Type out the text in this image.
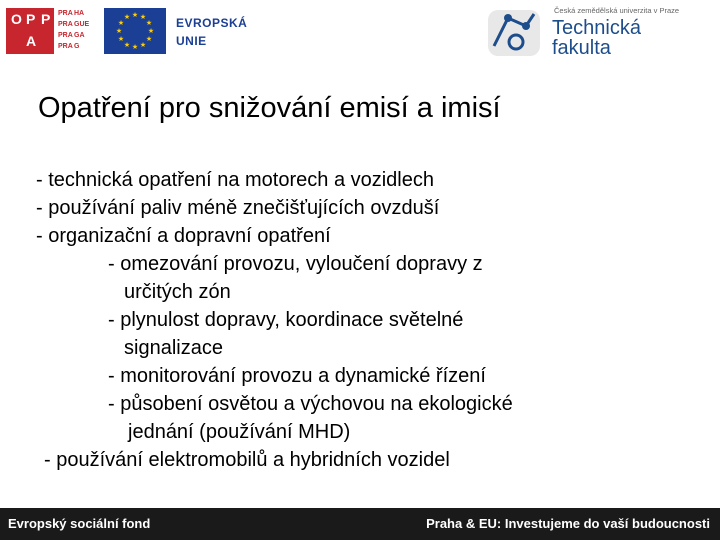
O P P
A
PRA HA
PRA GUE
PRA GA
PRA G
★ ★
★
★
★
★
★
★
★
★
★
★	EVROPSKÁ
UNIE
Česká zemědělská univerzita v Praze
Technická
fakulta
Opatření pro snižování emisí a imisí
- technická opatření na motorech a vozidlech
- používání paliv méně znečišťujících ovzduší
- organizační a dopravní opatření
- omezování provozu, vyloučení dopravy z
určitých zón
- plynulost dopravy, koordinace světelné
signalizace
- monitorování provozu a dynamické řízení
- působení osvětou a výchovou na ekologické
jednání (používání MHD)
- používání elektromobilů a hybridních vozidel
Evropský sociální fond	Praha & EU: Investujeme do vaší budoucnosti
